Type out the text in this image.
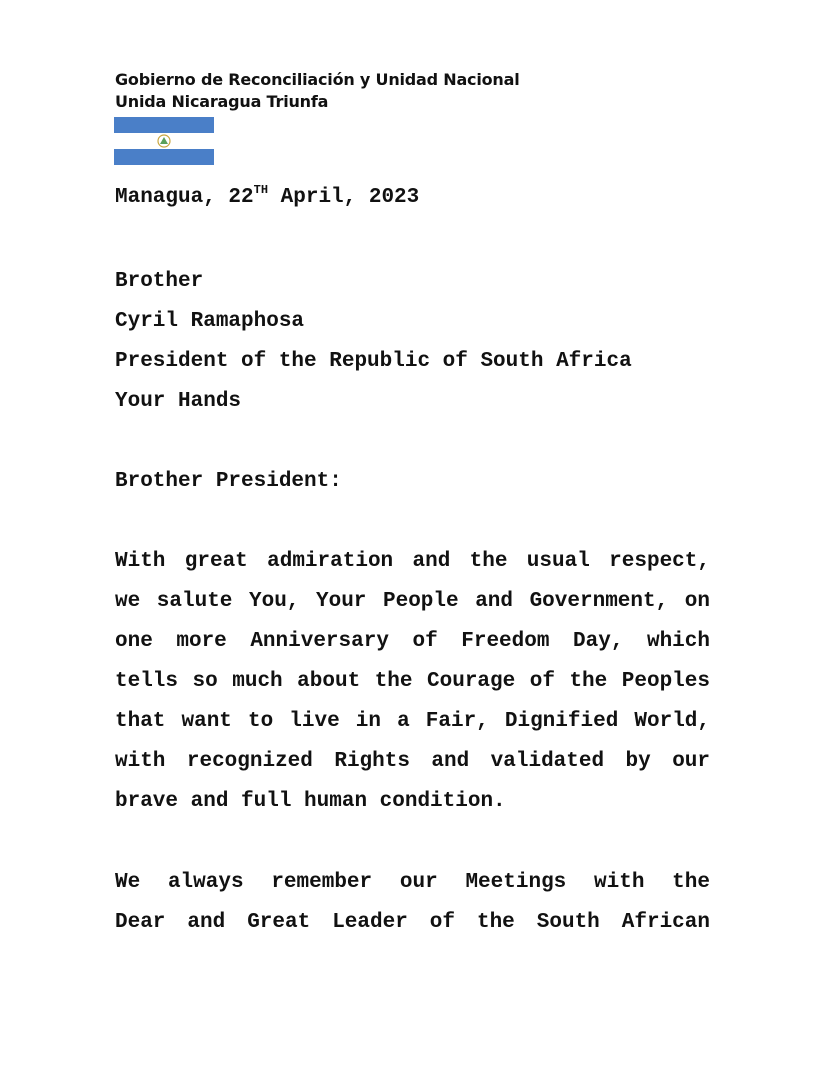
Gobierno de Reconciliación y Unidad Nacional
Unida Nicaragua Triunfa
Managua, 22TH April, 2023
Brother
Cyril Ramaphosa
President of the Republic of South Africa
Your Hands
Brother President:
With great admiration and the usual respect,
we salute You, Your People and Government, on
one more Anniversary of Freedom Day, which
tells so much about the Courage of the Peoples
that want to live in a Fair, Dignified World,
with recognized Rights and validated by our
brave and full human condition.
We always remember our Meetings with the
Dear and Great Leader of the South African
